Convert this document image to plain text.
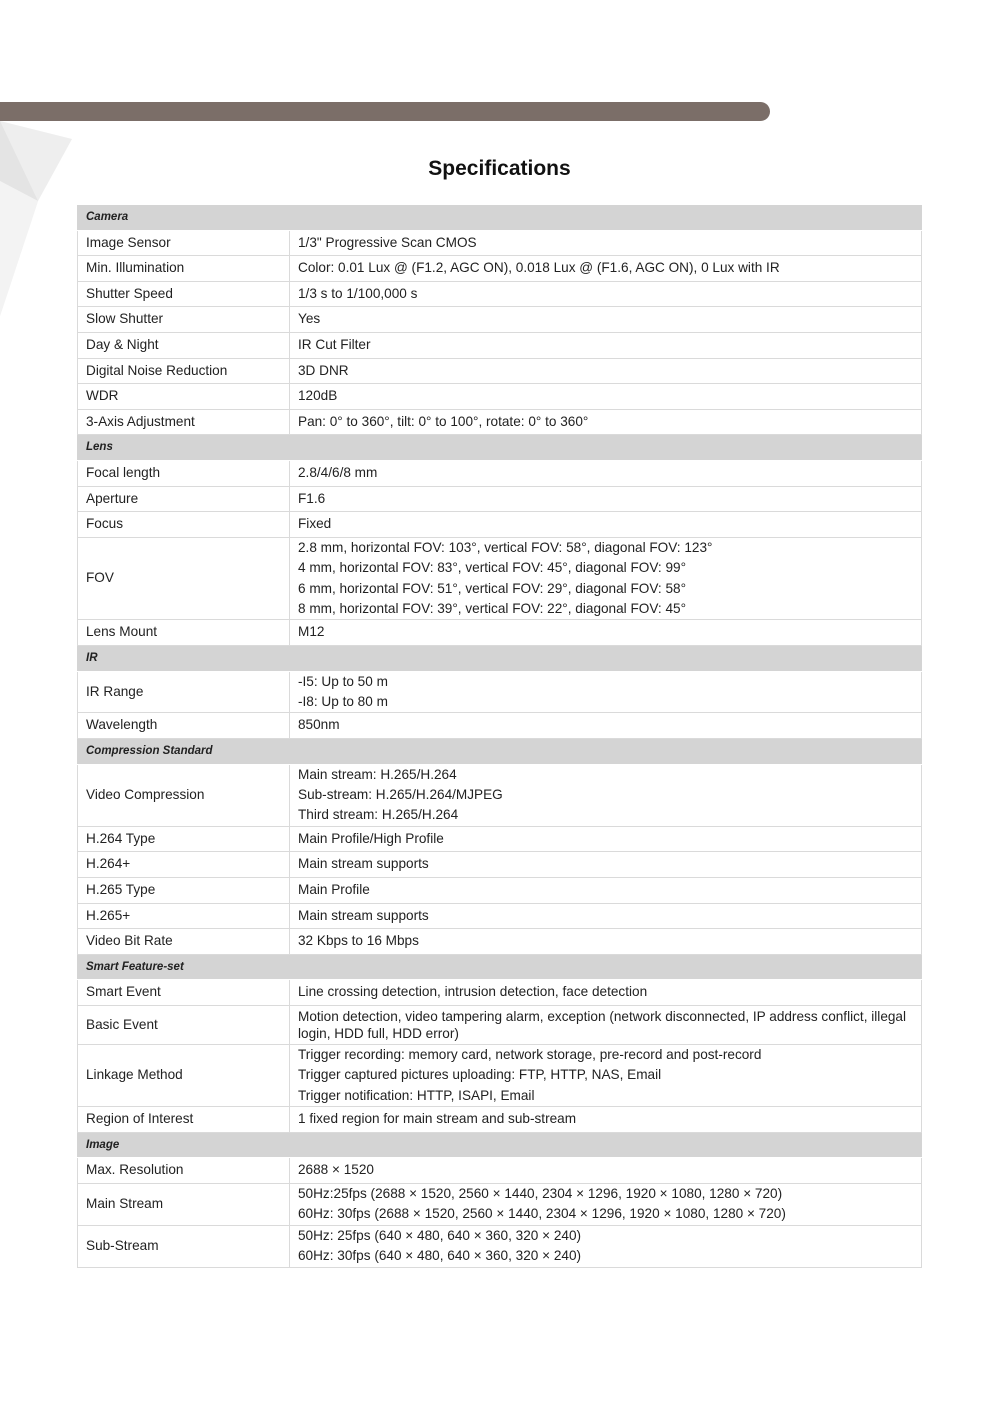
Specifications
Camera	
Image Sensor	1/3" Progressive Scan CMOS

Min. Illumination	Color: 0.01 Lux @ (F1.2, AGC ON), 0.018 Lux @ (F1.6, AGC ON), 0 Lux with IR

Shutter Speed	1/3 s to 1/100,000 s

Slow Shutter	Yes

Day & Night	IR Cut Filter

Digital Noise Reduction	3D DNR

WDR	120dB

3-Axis Adjustment	Pan: 0° to 360°, tilt: 0° to 100°, rotate: 0° to 360°

Lens	
Focal length	2.8/4/6/8 mm

Aperture	F1.6

Focus	Fixed

FOV	2.8 mm, horizontal FOV: 103°, vertical FOV: 58°, diagonal FOV: 123°
4 mm, horizontal FOV: 83°, vertical FOV: 45°, diagonal FOV: 99°
6 mm, horizontal FOV: 51°, vertical FOV: 29°, diagonal FOV: 58°
8 mm, horizontal FOV: 39°, vertical FOV: 22°, diagonal FOV: 45°

Lens Mount	M12

IR	
IR Range	-I5: Up to 50 m
-I8: Up to 80 m

Wavelength	850nm

Compression Standard	
Video Compression	Main stream: H.265/H.264
Sub-stream: H.265/H.264/MJPEG
Third stream: H.265/H.264

H.264 Type	Main Profile/High Profile

H.264+	Main stream supports

H.265 Type	Main Profile

H.265+	Main stream supports

Video Bit Rate	32 Kbps to 16 Mbps

Smart Feature-set	
Smart Event	Line crossing detection, intrusion detection, face detection

Basic Event	Motion detection, video tampering alarm, exception (network disconnected, IP address conflict, illegal login, HDD full, HDD error)

Linkage Method	Trigger recording: memory card, network storage, pre-record and post-record
Trigger captured pictures uploading: FTP, HTTP, NAS, Email
Trigger notification: HTTP, ISAPI, Email

Region of Interest	1 fixed region for main stream and sub-stream

Image	
Max. Resolution	2688 × 1520

Main Stream	50Hz:25fps (2688 × 1520, 2560 × 1440, 2304 × 1296, 1920 × 1080, 1280 × 720)
60Hz: 30fps (2688 × 1520, 2560 × 1440, 2304 × 1296, 1920 × 1080, 1280 × 720)

Sub-Stream	50Hz: 25fps (640 × 480, 640 × 360, 320 × 240)
60Hz: 30fps (640 × 480, 640 × 360, 320 × 240)
